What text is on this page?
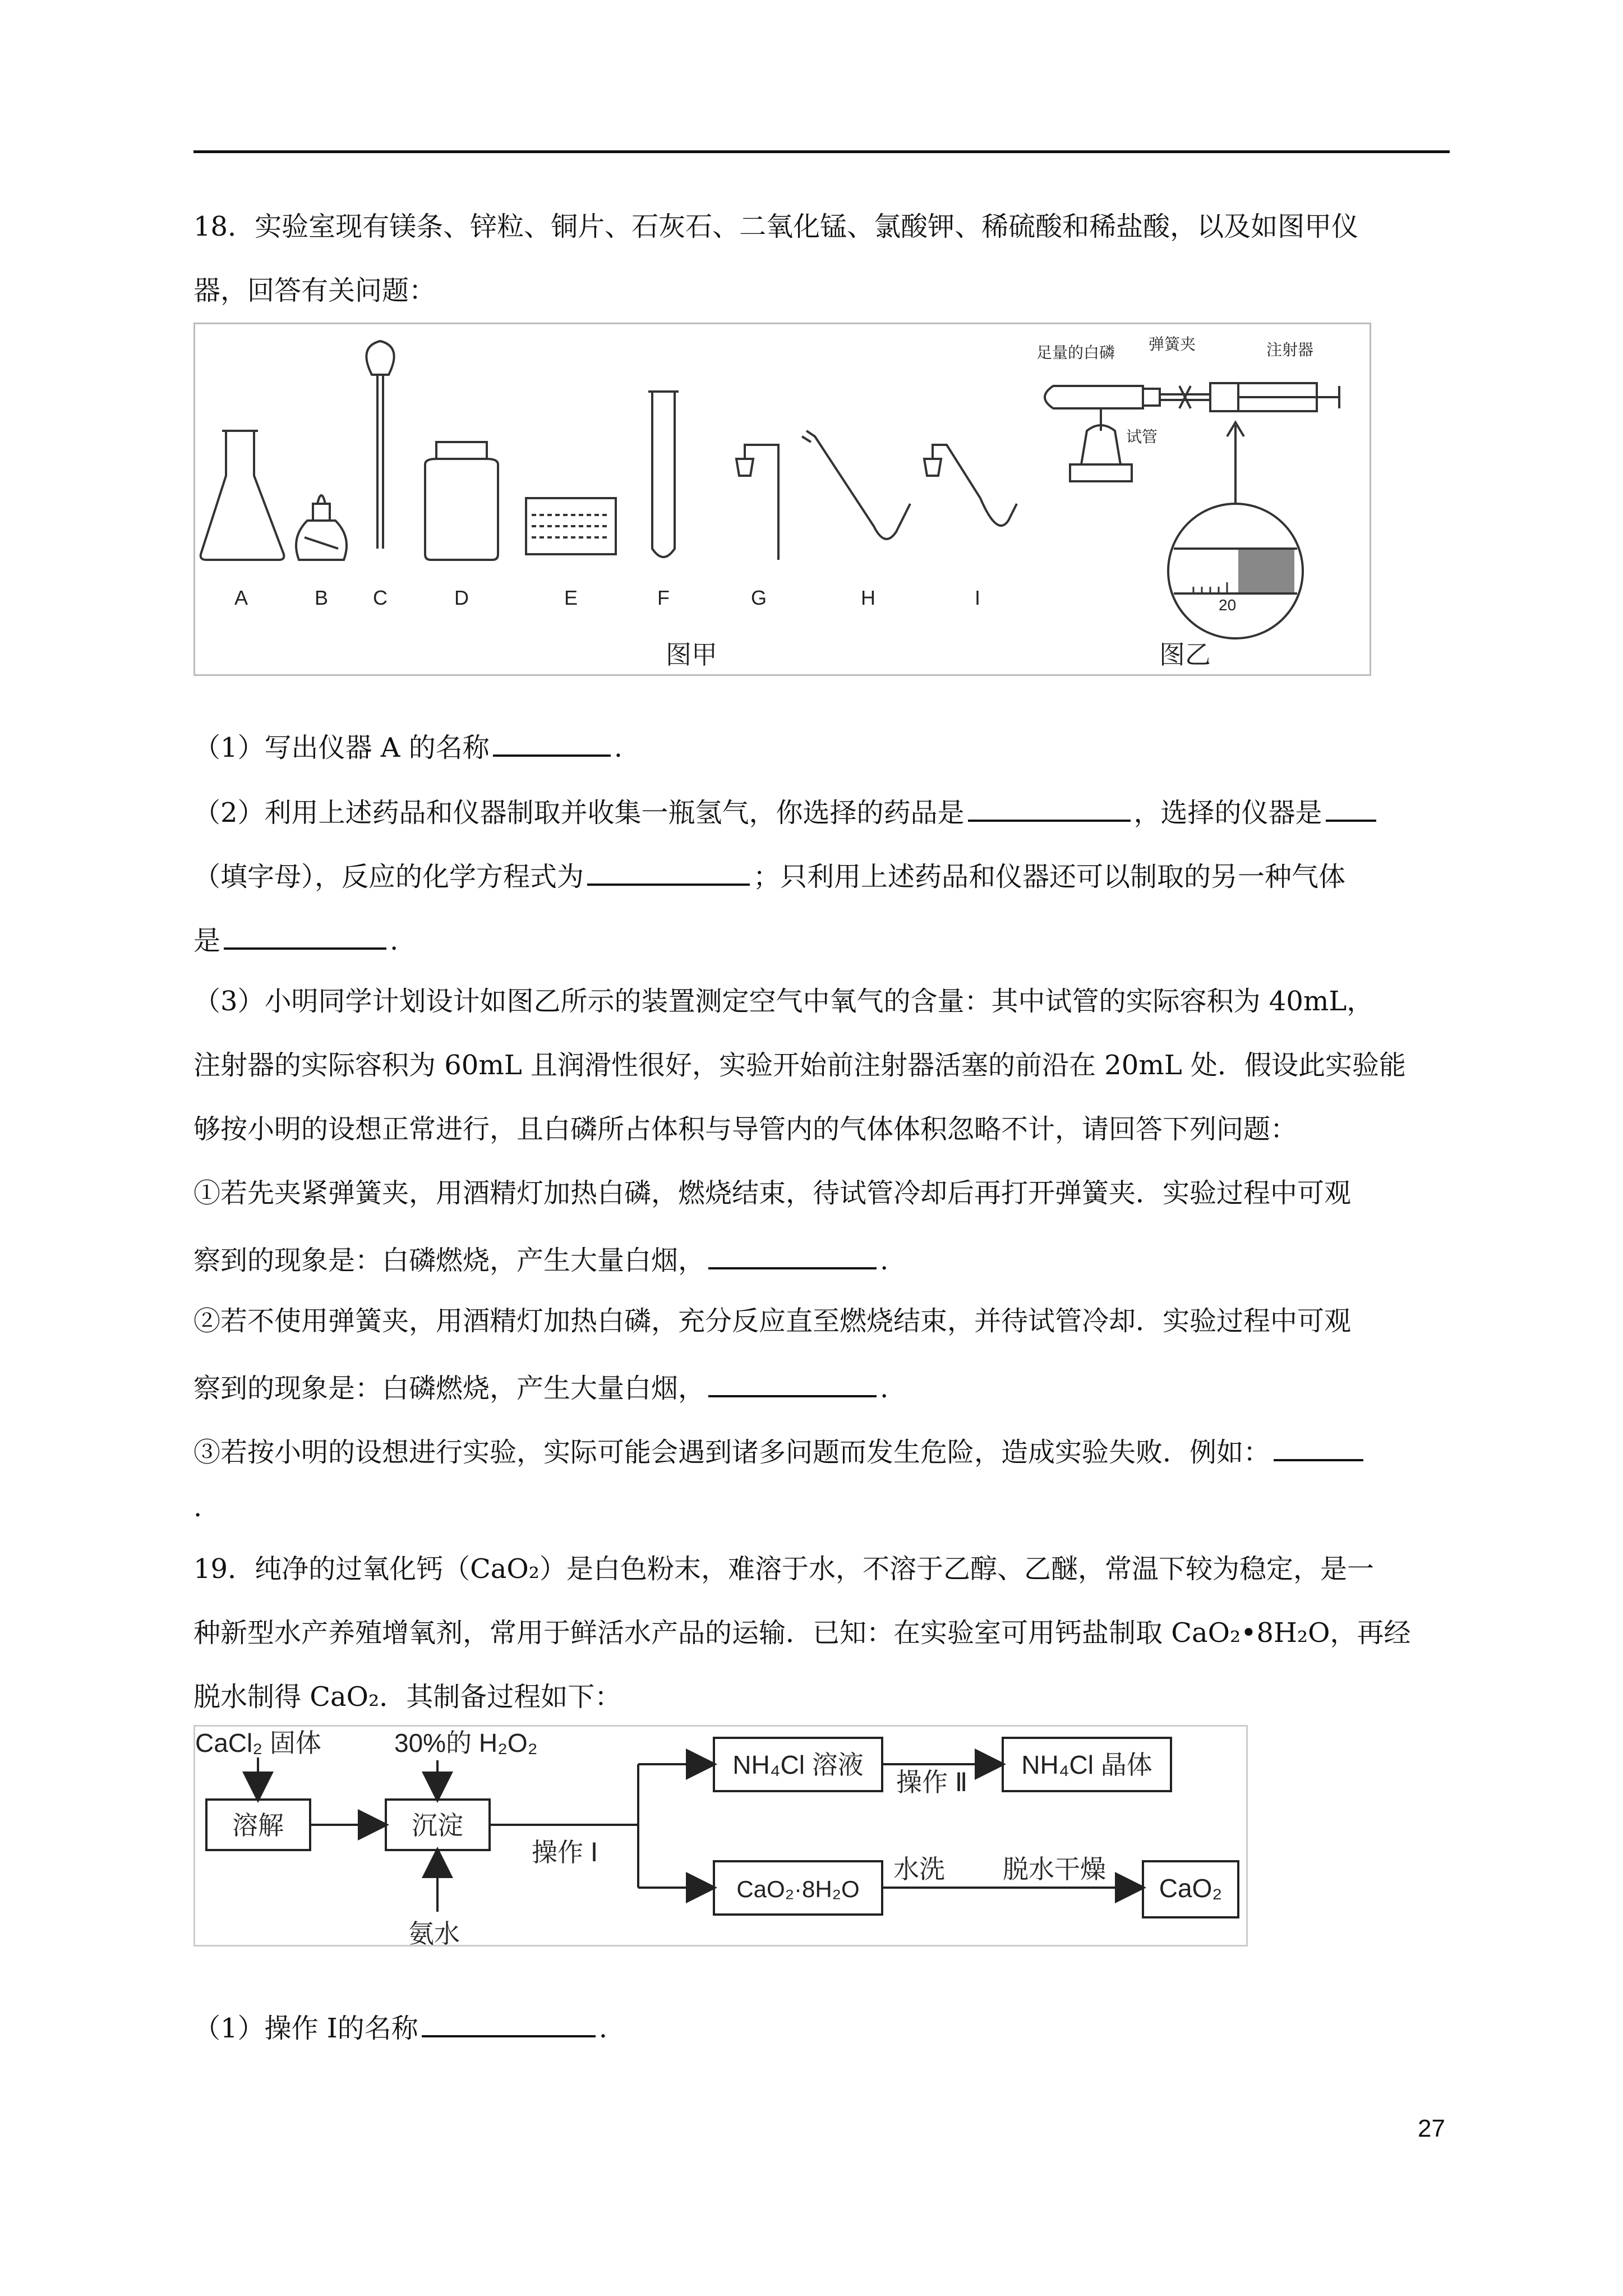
18．实验室现有镁条、锌粒、铜片、石灰石、二氧化锰、氯酸钾、稀硫酸和稀盐酸，以及如图甲仪
器，回答有关问题：
A	B C	D	E	F	G	H	I
图甲
足量的白磷 弹簧夹	注射器
试管
20
图乙
（1）写出仪器 A 的名称	.
（2）利用上述药品和仪器制取并收集一瓶氢气，你选择的药品是	，选择的仪器是
（填字母），反应的化学方程式为	；只利用上述药品和仪器还可以制取的另一种气体
是	.
（3）小明同学计划设计如图乙所示的装置测定空气中氧气的含量：其中试管的实际容积为 40mL，
注射器的实际容积为 60mL 且润滑性很好，实验开始前注射器活塞的前沿在 20mL 处．假设此实验能
够按小明的设想正常进行，且白磷所占体积与导管内的气体体积忽略不计，请回答下列问题：
①若先夹紧弹簧夹，用酒精灯加热白磷，燃烧结束，待试管冷却后再打开弹簧夹．实验过程中可观
察到的现象是：白磷燃烧，产生大量白烟，	.
②若不使用弹簧夹，用酒精灯加热白磷，充分反应直至燃烧结束，并待试管冷却．实验过程中可观
察到的现象是：白磷燃烧，产生大量白烟，	.
③若按小明的设想进行实验，实际可能会遇到诸多问题而发生危险，造成实验失败．例如：
.
19．纯净的过氧化钙（CaO₂）是白色粉末，难溶于水，不溶于乙醇、乙醚，常温下较为稳定，是一
种新型水产养殖增氧剂，常用于鲜活水产品的运输．已知：在实验室可用钙盐制取 CaO₂•8H₂O，再经
脱水制得 CaO₂．其制备过程如下：
CaCl₂ 固体	30%的 H₂O₂
氨水
溶解	沉淀
操作 Ⅰ
NH₄Cl 溶液
操作 Ⅱ
NH₄Cl 晶体
CaO₂·8H₂O
水洗 脱水干燥
CaO₂
（1）操作 Ⅰ的名称	.
27
